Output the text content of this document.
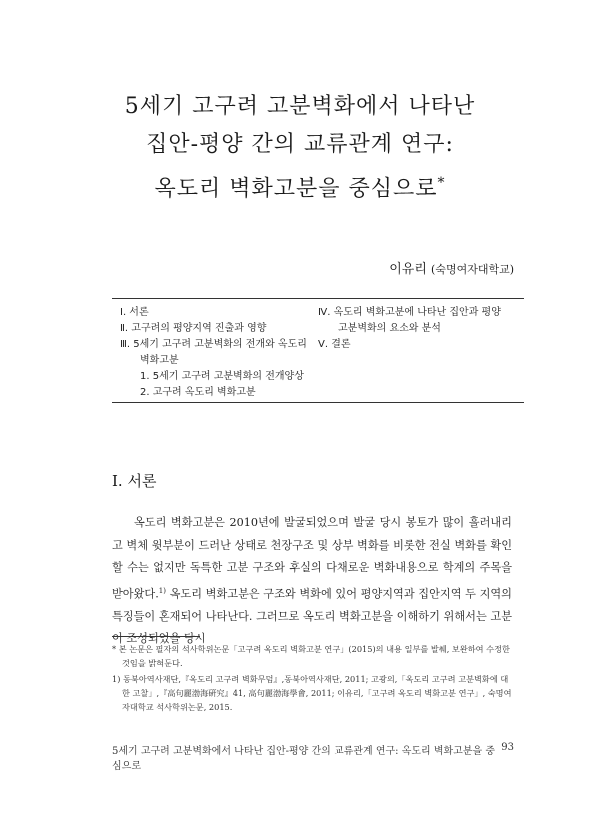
5세기 고구려 고분벽화에서 나타난
집안-평양 간의 교류관계 연구:
옥도리 벽화고분을 중심으로*
이유리 (숙명여자대학교)
Ⅰ. 서론
Ⅱ. 고구려의 평양지역 진출과 영향
Ⅲ. 5세기 고구려 고분벽화의 전개와 옥도리
벽화고분
1. 5세기 고구려 고분벽화의 전개양상
2. 고구려 옥도리 벽화고분
Ⅳ. 옥도리 벽화고분에 나타난 집안과 평양
고분벽화의 요소와 분석
Ⅴ. 결론
Ⅰ. 서론

옥도리 벽화고분은 2010년에 발굴되었으며 발굴 당시 봉토가 많이 흘러내리고 벽체 윗부분이 드러난 상태로 천장구조 및 상부 벽화를 비롯한 전실 벽화를 확인할 수는 없지만 독특한 고분 구조와 후실의 다채로운 벽화내용으로 학계의 주목을 받아왔다.$^{1)}$ 옥도리 벽화고분은 구조와 벽화에 있어 평양지역과 집안지역 두 지역의 특징들이 혼재되어 나타난다. 그러므로 옥도리 벽화고분을 이해하기 위해서는 고분이 조성되었을 당시

* 본 논문은 필자의 석사학위논문「고구려 옥도리 벽화고분 연구」(2015)의 내용 일부를 발췌, 보완하여 수정한 것임을 밝혀둔다.

1) 동북아역사재단,『옥도리 고구려 벽화무덤』,동북아역사재단, 2011; 고광의,「옥도리 고구려 고분벽화에 대한 고찰」,『高句麗渤海硏究』41, 高句麗渤海學會, 2011; 이유리,「고구려 옥도리 벽화고분 연구」, 숙명여자대학교 석사학위논문, 2015.

5세기 고구려 고분벽화에서 나타난 집안-평양 간의 교류관계 연구: 옥도리 벽화고분을 중심으로
93
